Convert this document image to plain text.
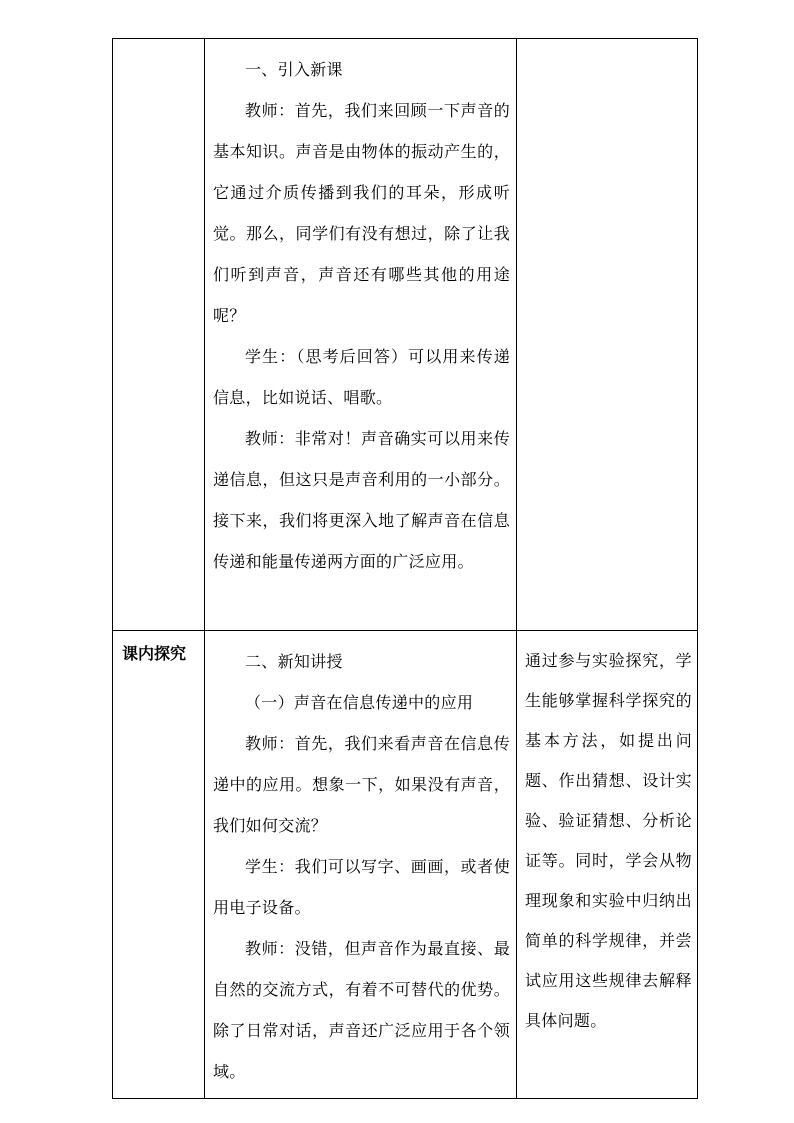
	一、引入新课

教师：首先，我们来回顾一下声音的基本知识。声音是由物体的振动产生的，它通过介质传播到我们的耳朵，形成听觉。那么，同学们有没有想过，除了让我们听到声音，声音还有哪些其他的用途呢？

学生：（思考后回答）可以用来传递信息，比如说话、唱歌。

教师：非常对！声音确实可以用来传递信息，但这只是声音利用的一小部分。接下来，我们将更深入地了解声音在信息传递和能量传递两方面的广泛应用。	

课内探究	二、新知讲授

（一）声音在信息传递中的应用

教师：首先，我们来看声音在信息传递中的应用。想象一下，如果没有声音，我们如何交流？

学生：我们可以写字、画画，或者使用电子设备。

教师：没错，但声音作为最直接、最自然的交流方式，有着不可替代的优势。除了日常对话，声音还广泛应用于各个领域。	通过参与实验探究，学生能够掌握科学探究的基本方法，如提出问题、作出猜想、设计实验、验证猜想、分析论证等。同时，学会从物理现象和实验中归纳出简单的科学规律，并尝试应用这些规律去解释具体问题。
